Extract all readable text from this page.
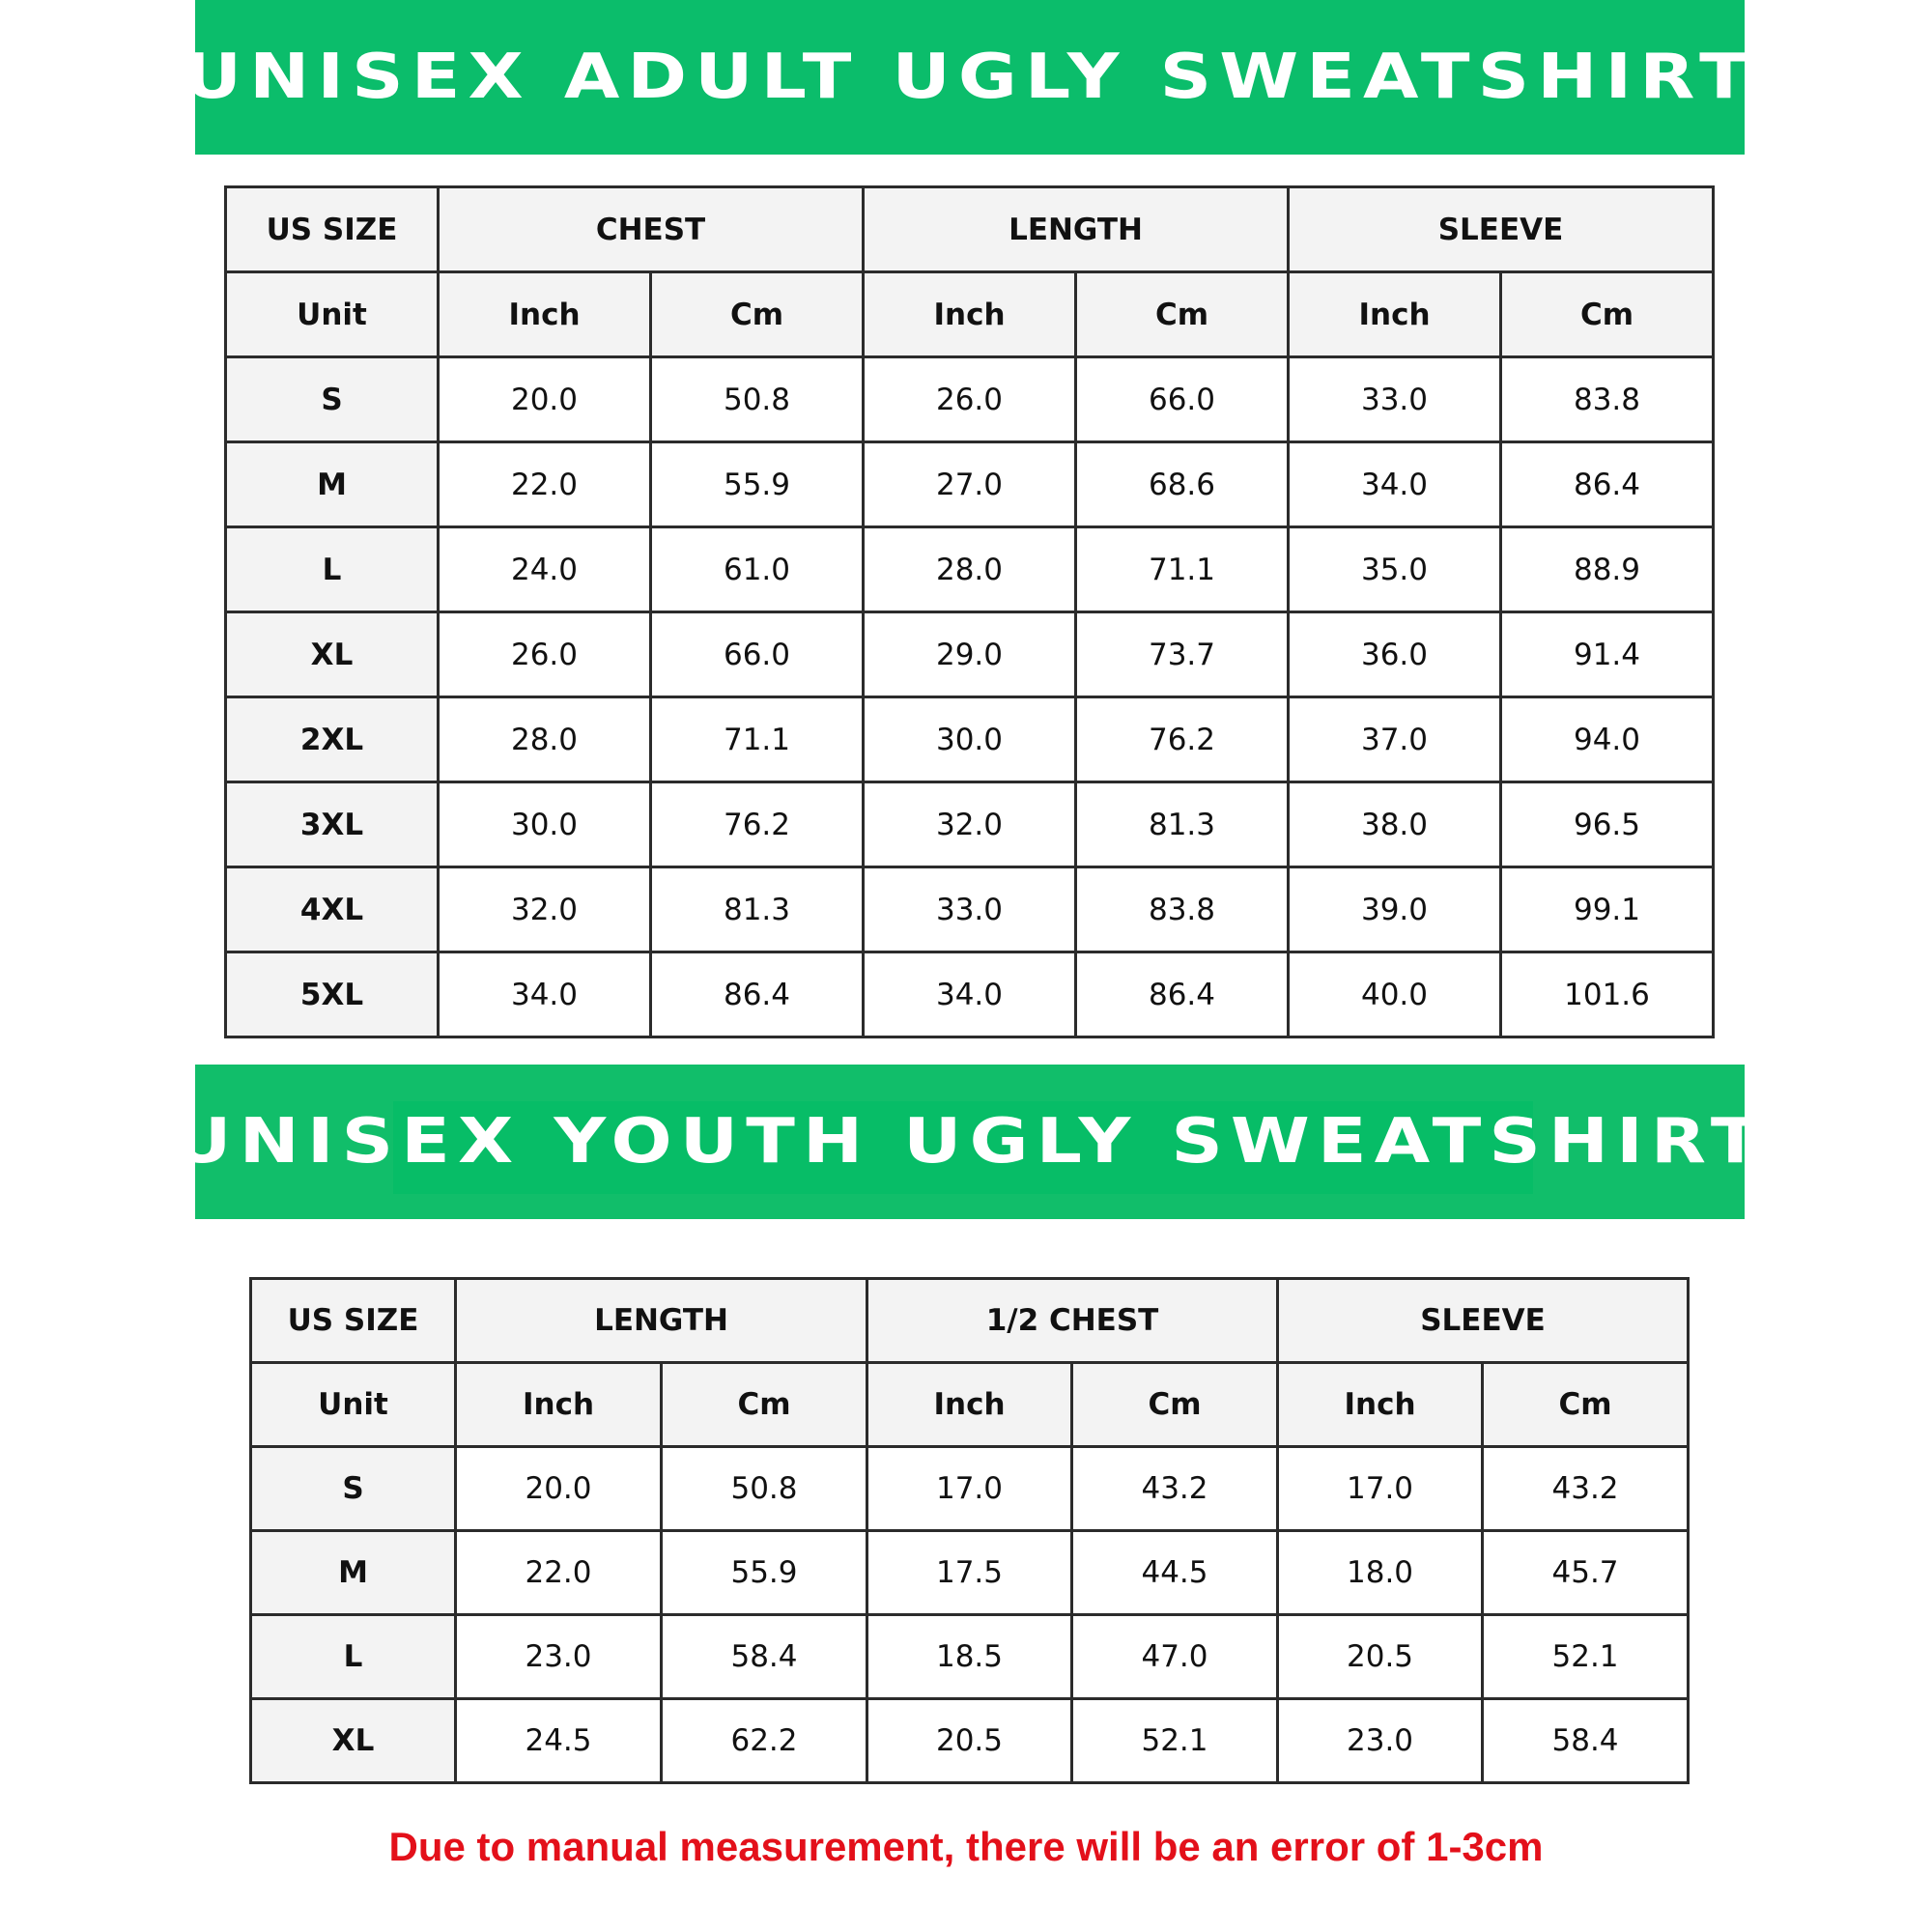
UNISEX ADULT UGLY SWEATSHIRT
US SIZE	CHEST		LENGTH		SLEEVE	
Unit	Inch	Cm	Inch	Cm	Inch	Cm
S	20.0	50.8	26.0	66.0	33.0	83.8
M	22.0	55.9	27.0	68.6	34.0	86.4
L	24.0	61.0	28.0	71.1	35.0	88.9
XL	26.0	66.0	29.0	73.7	36.0	91.4
2XL	28.0	71.1	30.0	76.2	37.0	94.0
3XL	30.0	76.2	32.0	81.3	38.0	96.5
4XL	32.0	81.3	33.0	83.8	39.0	99.1
5XL	34.0	86.4	34.0	86.4	40.0	101.6
UNISEX YOUTH UGLY SWEATSHIRT
US SIZE	LENGTH		1/2 CHEST		SLEEVE	
Unit	Inch	Cm	Inch	Cm	Inch	Cm
S	20.0	50.8	17.0	43.2	17.0	43.2
M	22.0	55.9	17.5	44.5	18.0	45.7
L	23.0	58.4	18.5	47.0	20.5	52.1
XL	24.5	62.2	20.5	52.1	23.0	58.4
Due to manual measurement, there will be an error of 1-3cm
